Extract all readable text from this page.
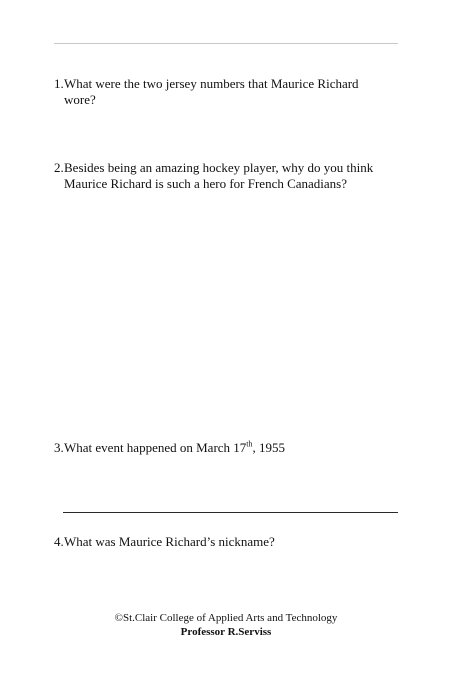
1. What were the two jersey numbers that Maurice Richard
wore?
2. Besides being an amazing hockey player, why do you think
Maurice Richard is such a hero for French Canadians?
3. What event happened on March 17th, 1955
4. What was Maurice Richard’s nickname?
©St.Clair College of Applied Arts and Technology
Professor R.Serviss
